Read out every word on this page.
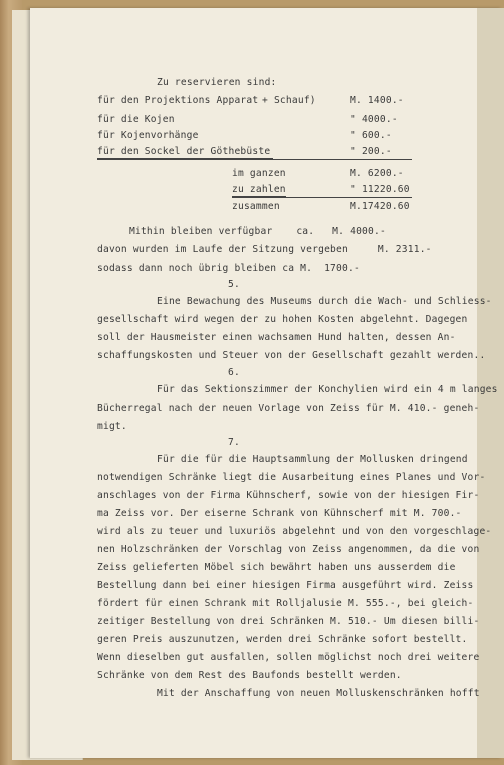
Zu reservieren sind:
für den Projektions Apparat + Schauf)	M. 1400.-
für die Kojen	" 4000.-
für Kojenvorhänge	" 600.-
für den Sockel der Göthebüste	" 200.-
im ganzen	M. 6200.-
zu zahlen	" 11220.60
zusammen	M.17420.60
Mithin bleiben verfügbar    ca.   M. 4000.-
davon wurden im Laufe der Sitzung vergeben     M. 2311.-
sodass dann noch übrig bleiben ca M.  1700.-
5.
Eine Bewachung des Museums durch die Wach- und Schliess-
gesellschaft wird wegen der zu hohen Kosten abgelehnt. Dagegen
soll der Hausmeister einen wachsamen Hund halten, dessen An-
schaffungskosten und Steuer von der Gesellschaft gezahlt werden..
6.
Für das Sektionszimmer der Konchylien wird ein 4 m langes
Bücherregal nach der neuen Vorlage von Zeiss für M. 410.- geneh-
migt.
7.
Für die für die Hauptsammlung der Mollusken dringend
notwendigen Schränke liegt die Ausarbeitung eines Planes und Vor-
anschlages von der Firma Kühnscherf, sowie von der hiesigen Fir-
ma Zeiss vor. Der eiserne Schrank von Kühnscherf mit M. 700.-
wird als zu teuer und luxuriös abgelehnt und von den vorgeschlage-
nen Holzschränken der Vorschlag von Zeiss angenommen, da die von
Zeiss gelieferten Möbel sich bewährt haben uns ausserdem die
Bestellung dann bei einer hiesigen Firma ausgeführt wird. Zeiss
fördert für einen Schrank mit Rolljalusie M. 555.-, bei gleich-
zeitiger Bestellung von drei Schränken M. 510.- Um diesen billi-
geren Preis auszunutzen, werden drei Schränke sofort bestellt.
Wenn dieselben gut ausfallen, sollen möglichst noch drei weitere
Schränke von dem Rest des Baufonds bestellt werden.
Mit der Anschaffung von neuen Molluskenschränken hofft
